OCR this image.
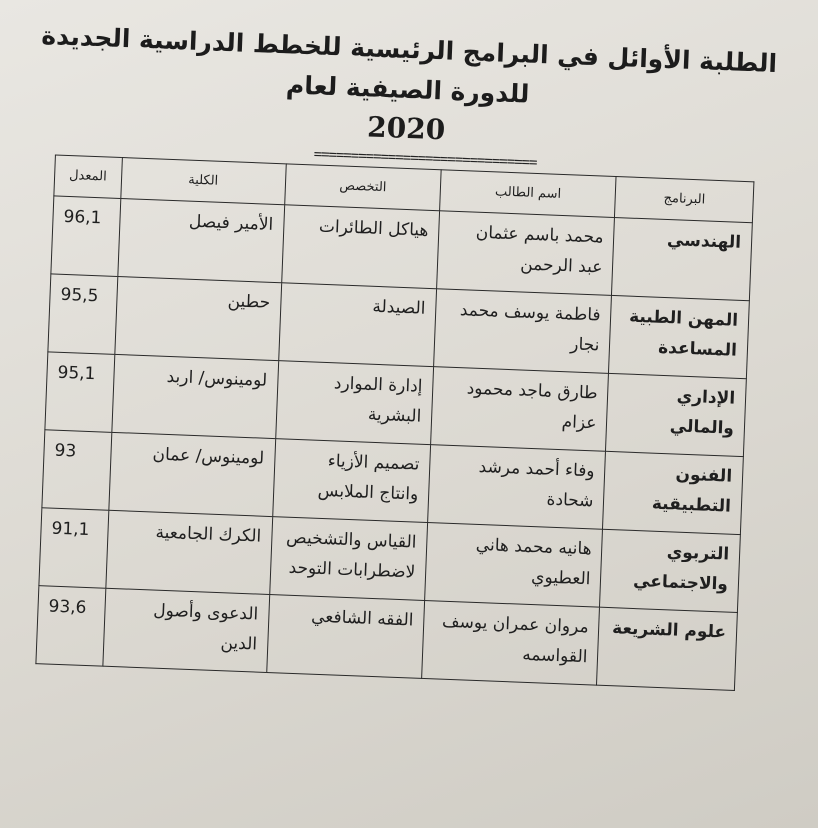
الطلبة الأوائل في البرامج الرئيسية للخطط الدراسية الجديدة للدورة الصيفية لعام
2020
==============================
البرنامج	اسم الطالب	التخصص	الكلية	المعدل
الهندسي	محمد باسم عثمان عبد الرحمن	هياكل الطائرات	الأمير فيصل	96,1
المهن الطبية المساعدة	فاطمة يوسف محمد نجار	الصيدلة	حطين	95,5
الإداري والمالي	طارق ماجد محمود عزام	إدارة الموارد البشرية	لومينوس/ اربد	95,1
الفنون التطبيقية	وفاء أحمد مرشد شحادة	تصميم الأزياء وانتاج الملابس	لومينوس/ عمان	93
التربوي والاجتماعي	هانيه محمد هاني العطيوي	القياس والتشخيص لاضطرابات التوحد	الكرك الجامعية	91,1
علوم الشريعة	مروان عمران يوسف القواسمه	الفقه الشافعي	الدعوى وأصول الدين	93,6
